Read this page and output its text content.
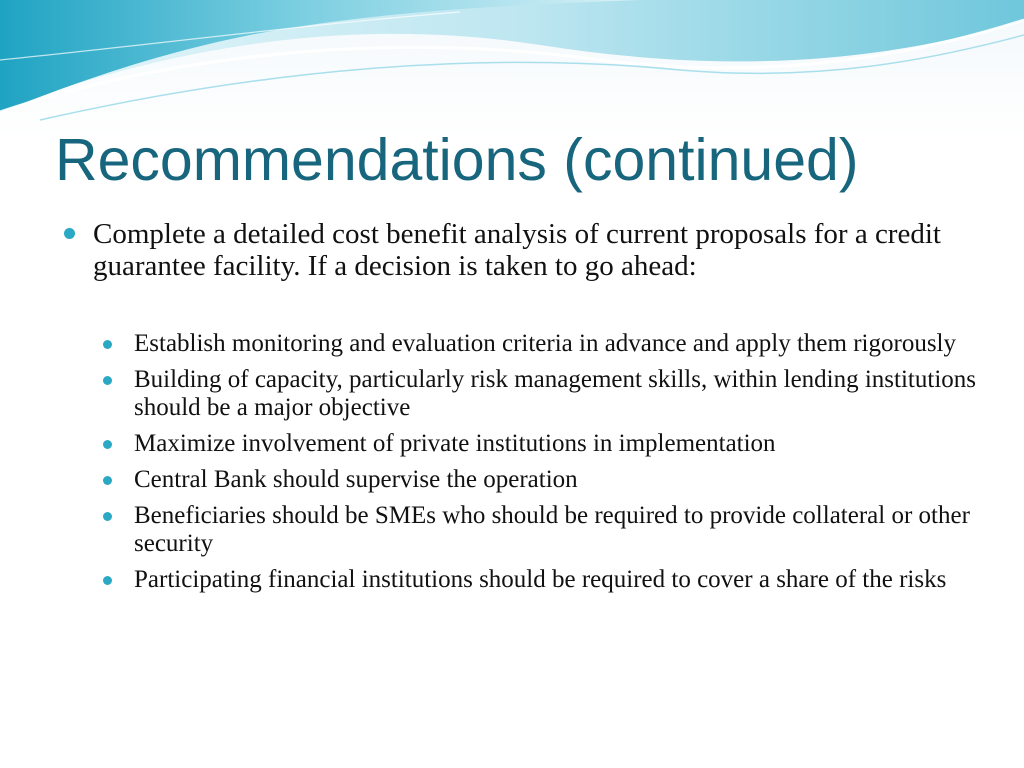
Recommendations (continued)
Complete a detailed cost benefit analysis of current proposals for a credit guarantee facility. If a decision is taken to go ahead:
Establish monitoring and evaluation criteria in advance and apply them rigorously
Building of capacity, particularly risk management skills, within lending institutions should be a major objective
Maximize involvement of private institutions in implementation
Central Bank should supervise the operation
Beneficiaries should be SMEs who should be required to provide collateral or other security
Participating financial institutions should be required to cover a share of the risks
